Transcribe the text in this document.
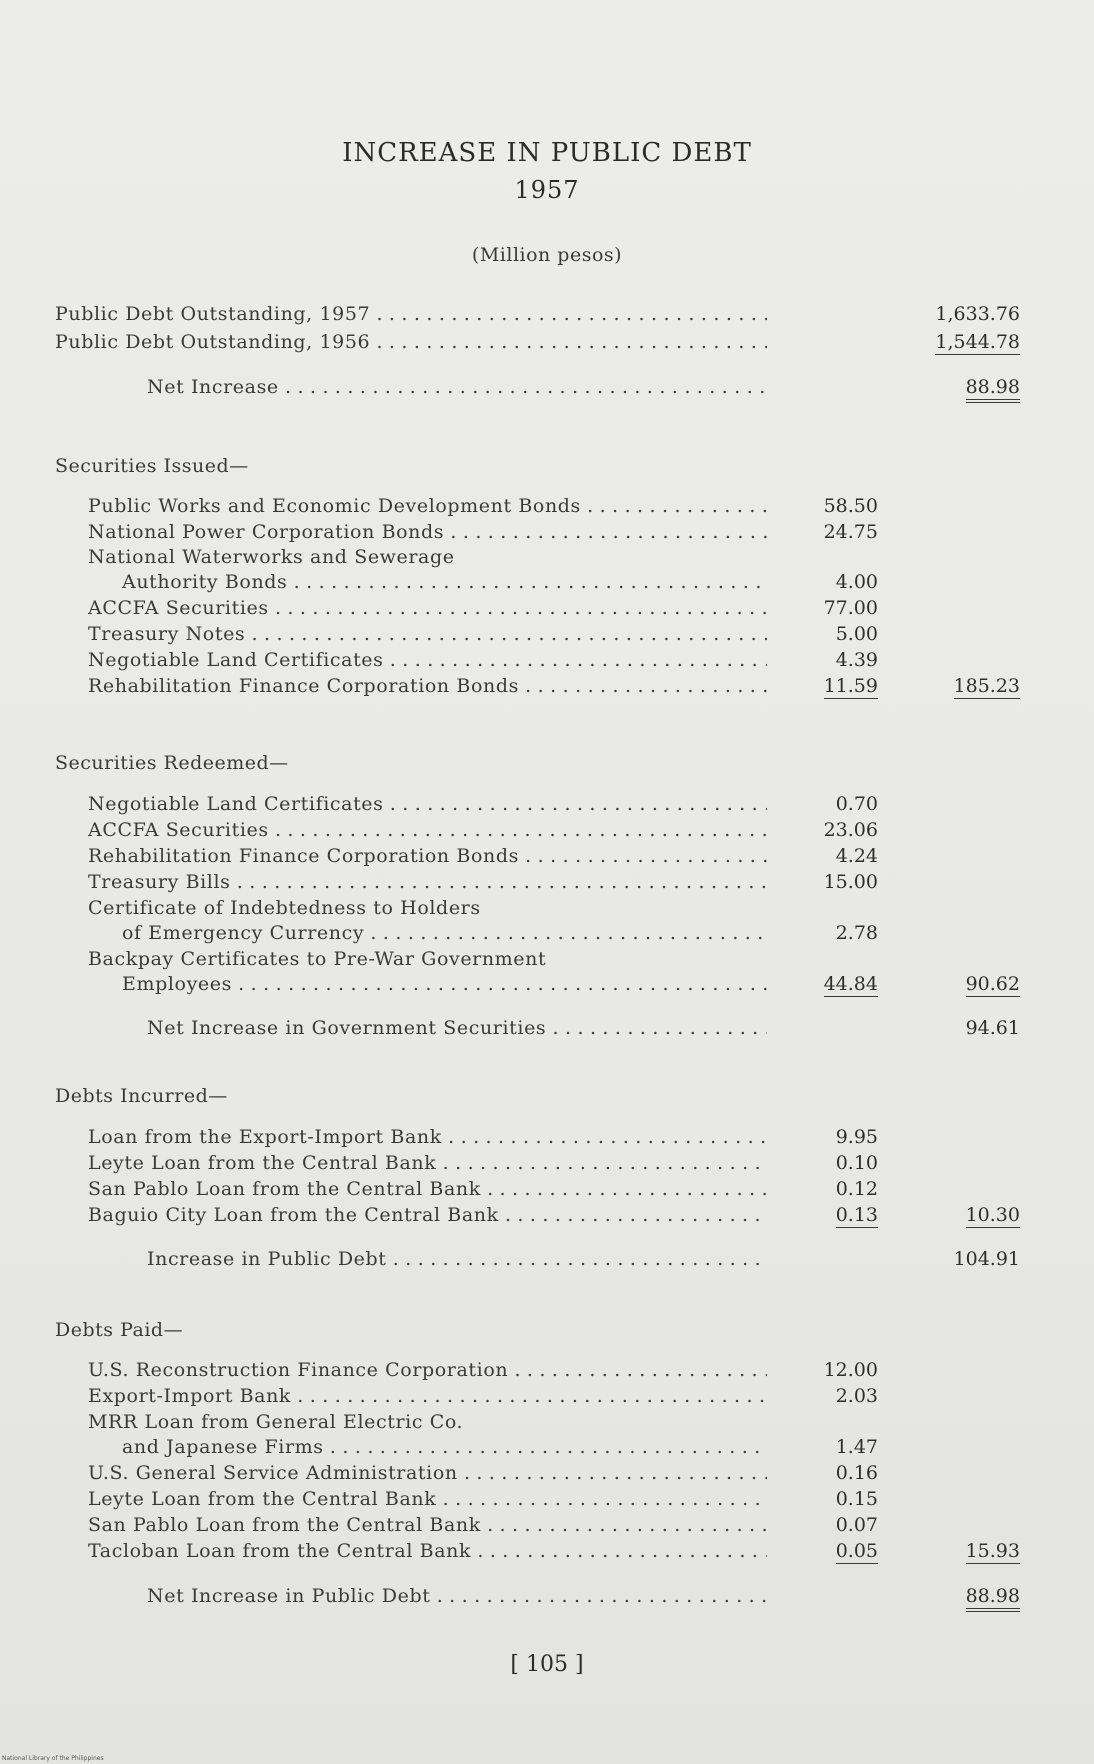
INCREASE IN PUBLIC DEBT
1957
(Million pesos)
Public Debt Outstanding, 1957 . . .	1,633.76
Public Debt Outstanding, 1956 . . .	1,544.78
Net Increase . . .	88.98
Securities Issued—
Public Works and Economic Development Bonds . . .	58.50
National Power Corporation Bonds . . .	24.75
National Waterworks and Sewerage
Authority Bonds . . .	4.00
ACCFA Securities . . .	77.00
Treasury Notes . . .	5.00
Negotiable Land Certificates . . .	4.39
Rehabilitation Finance Corporation Bonds . . .	11.59	185.23
Securities Redeemed—
Negotiable Land Certificates . . .	0.70
ACCFA Securities . . .	23.06
Rehabilitation Finance Corporation Bonds . . .	4.24
Treasury Bills . . .	15.00
Certificate of Indebtedness to Holders
of Emergency Currency . . .	2.78
Backpay Certificates to Pre-War Government
Employees . . .	44.84	90.62
Net Increase in Government Securities . . .	94.61
Debts Incurred—
Loan from the Export-Import Bank . . .	9.95
Leyte Loan from the Central Bank . . .	0.10
San Pablo Loan from the Central Bank . . .	0.12
Baguio City Loan from the Central Bank . . .	0.13	10.30
Increase in Public Debt . . .	104.91
Debts Paid—
U.S. Reconstruction Finance Corporation . . .	12.00
Export-Import Bank . . .	2.03
MRR Loan from General Electric Co.
and Japanese Firms . . .	1.47
U.S. General Service Administration . . .	0.16
Leyte Loan from the Central Bank . . .	0.15
San Pablo Loan from the Central Bank . . .	0.07
Tacloban Loan from the Central Bank . . .	0.05	15.93
Net Increase in Public Debt . . .	88.98
[ 105 ]
National Library of the Philippines
